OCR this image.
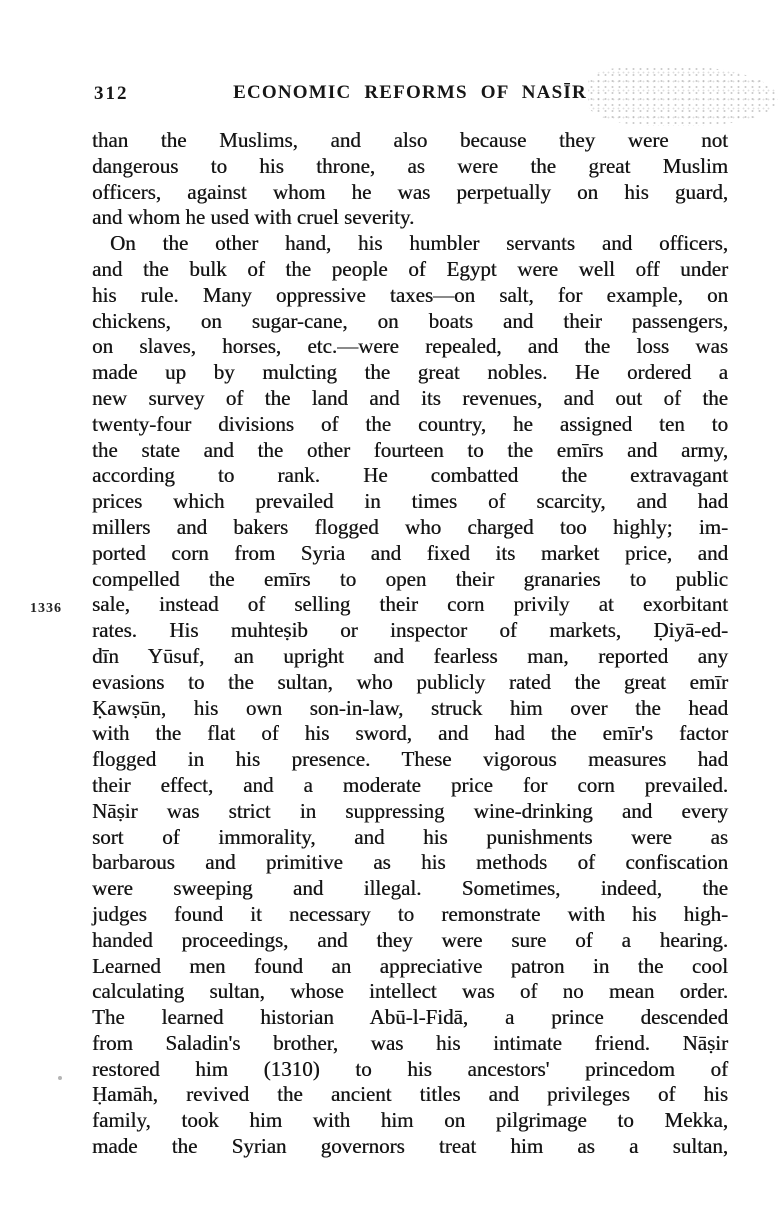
312	ECONOMIC REFORMS OF NASĪR
1336
than the Muslims, and also because they were not
dangerous to his throne, as were the great Muslim
officers, against whom he was perpetually on his guard,
and whom he used with cruel severity.
On the other hand, his humbler servants and officers,
and the bulk of the people of Egypt were well off under
his rule. Many oppressive taxes—on salt, for example, on
chickens, on sugar-cane, on boats and their passengers,
on slaves, horses, etc.—were repealed, and the loss was
made up by mulcting the great nobles. He ordered a
new survey of the land and its revenues, and out of the
twenty-four divisions of the country, he assigned ten to
the state and the other fourteen to the emīrs and army,
according to rank. He combatted the extravagant
prices which prevailed in times of scarcity, and had
millers and bakers flogged who charged too highly; im-
ported corn from Syria and fixed its market price, and
compelled the emīrs to open their granaries to public
sale, instead of selling their corn privily at exorbitant
rates. His muhteṣib or inspector of markets, Ḍiyā-ed-
dīn Yūsuf, an upright and fearless man, reported any
evasions to the sultan, who publicly rated the great emīr
Ḳawṣūn, his own son-in-law, struck him over the head
with the flat of his sword, and had the emīr's factor
flogged in his presence. These vigorous measures had
their effect, and a moderate price for corn prevailed.
Nāṣir was strict in suppressing wine-drinking and every
sort of immorality, and his punishments were as
barbarous and primitive as his methods of confiscation
were sweeping and illegal. Sometimes, indeed, the
judges found it necessary to remonstrate with his high-
handed proceedings, and they were sure of a hearing.
Learned men found an appreciative patron in the cool
calculating sultan, whose intellect was of no mean order.
The learned historian Abū-l-Fidā, a prince descended
from Saladin's brother, was his intimate friend. Nāṣir
restored him (1310) to his ancestors' princedom of
Ḥamāh, revived the ancient titles and privileges of his
family, took him with him on pilgrimage to Mekka,
made the Syrian governors treat him as a sultan,
